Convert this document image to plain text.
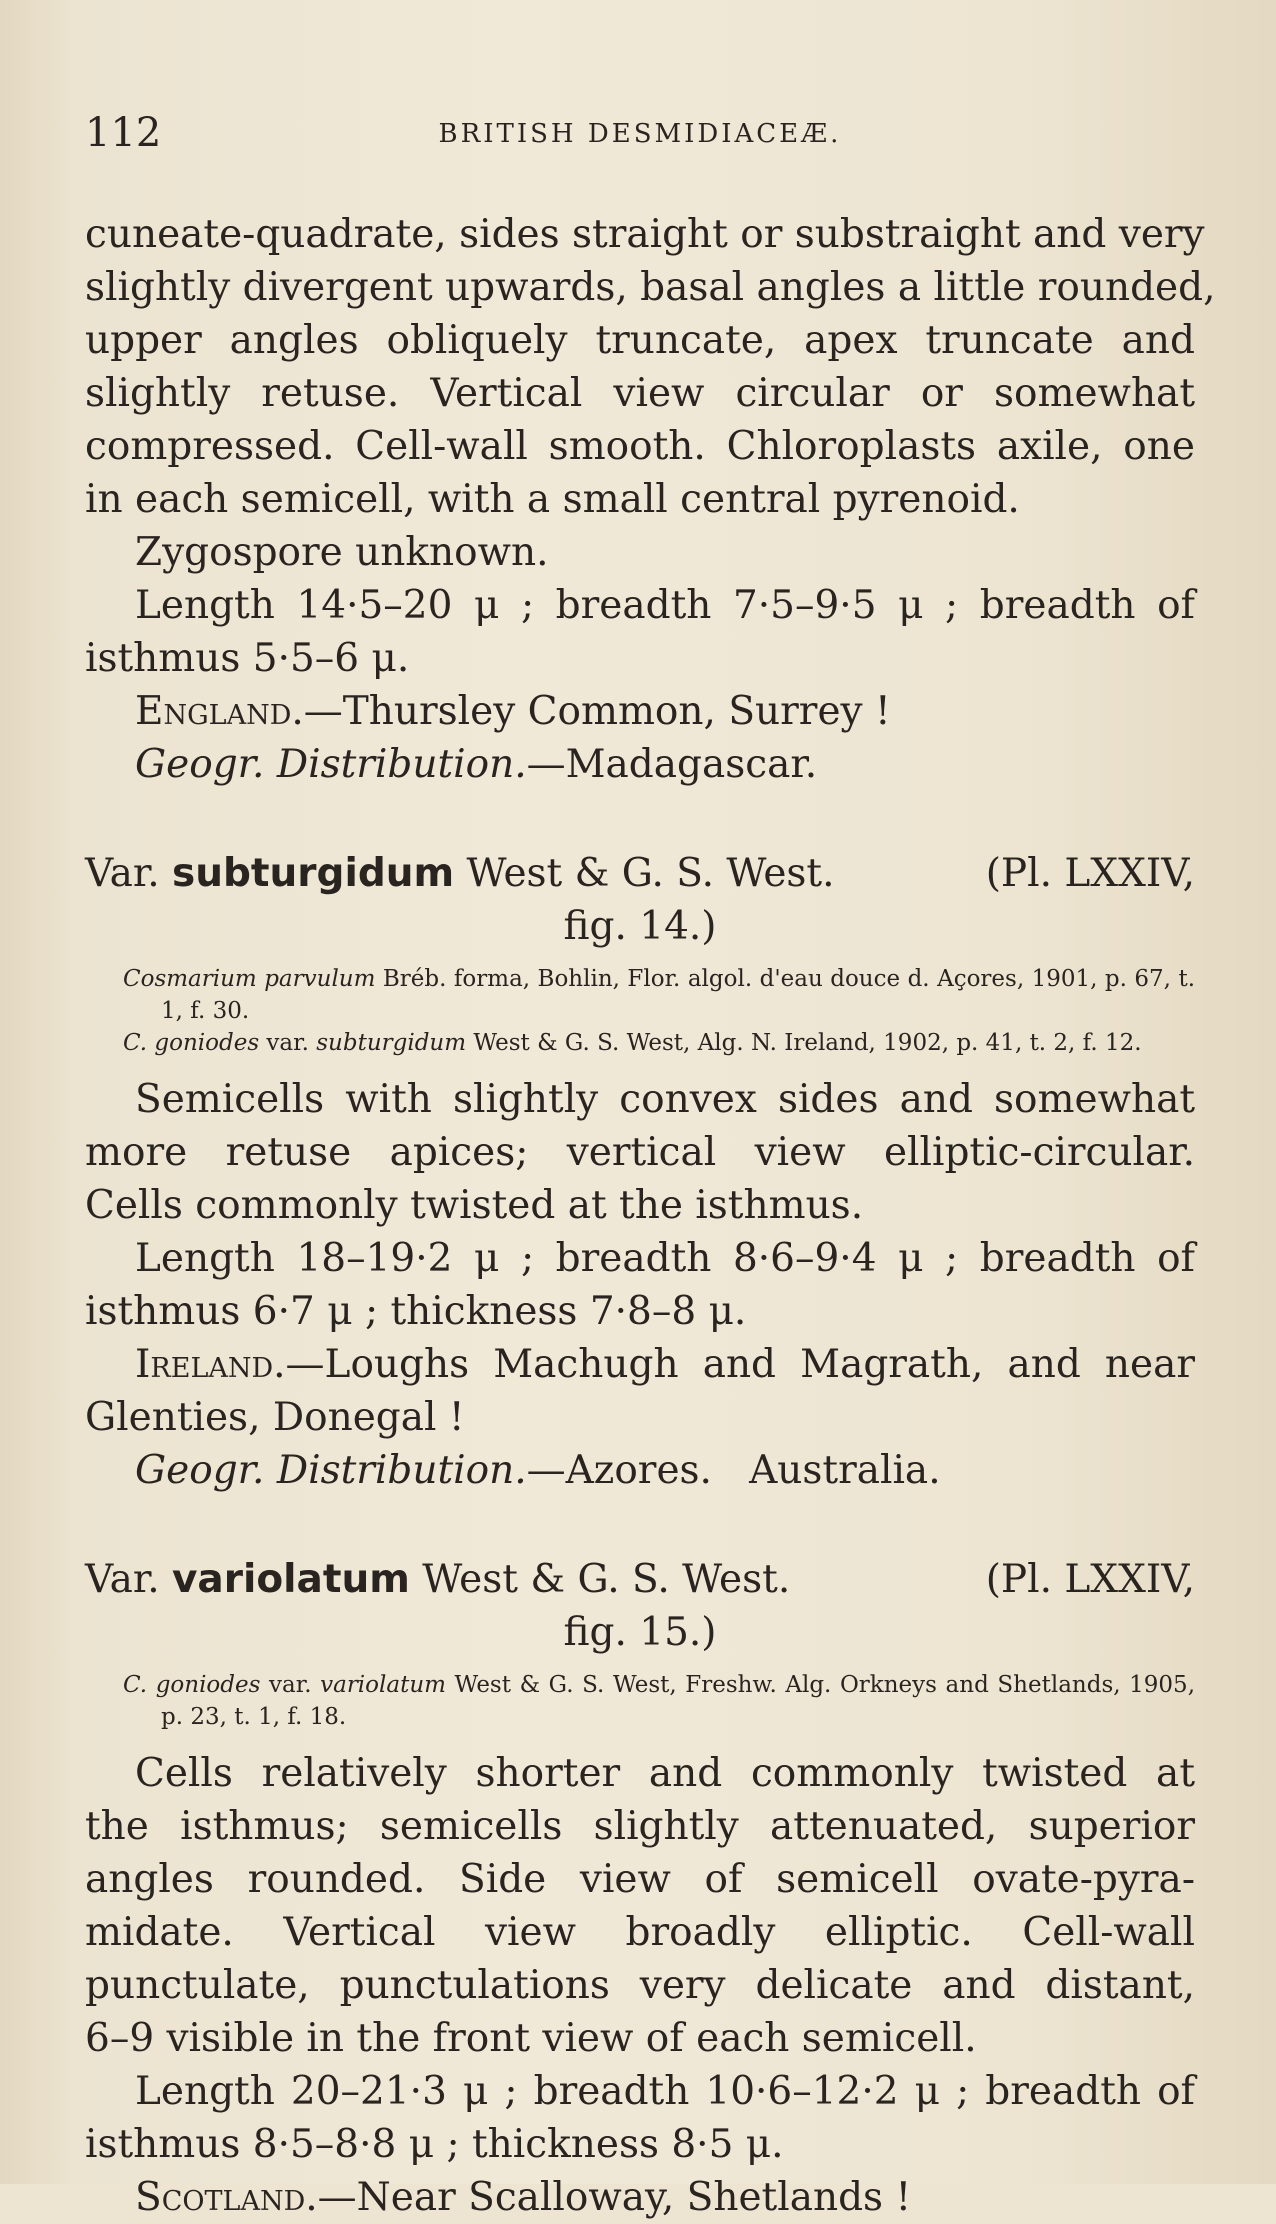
112	BRITISH DESMIDIACEÆ.
cuneate-quadrate, sides straight or substraight and very
slightly divergent upwards, basal angles a little rounded,
upper angles obliquely truncate, apex truncate and
slightly retuse. Vertical view circular or somewhat
compressed. Cell-wall smooth. Chloroplasts axile, one
in each semicell, with a small central pyrenoid.
Zygospore unknown.
Length 14·5–20 μ ; breadth 7·5–9·5 μ ; breadth of
isthmus 5·5–6 μ.
England.—Thursley Common, Surrey !
Geogr. Distribution.—Madagascar.
Var. subturgidum West & G. S. West.	(Pl. LXXIV,
fig. 14.)
Cosmarium parvulum Bréb. forma, Bohlin, Flor. algol. d'eau douce d. Açores, 1901, p. 67, t. 1, f. 30.
C. goniodes var. subturgidum West & G. S. West, Alg. N. Ireland, 1902, p. 41, t. 2, f. 12.
Semicells with slightly convex sides and somewhat
more retuse apices; vertical view elliptic-circular.
Cells commonly twisted at the isthmus.
Length 18–19·2 μ ; breadth 8·6–9·4 μ ; breadth of
isthmus 6·7 μ ; thickness 7·8–8 μ.
Ireland.—Loughs Machugh and Magrath, and near
Glenties, Donegal !
Geogr. Distribution.—Azores.   Australia.
Var. variolatum West & G. S. West.	(Pl. LXXIV,
fig. 15.)
C. goniodes var. variolatum West & G. S. West, Freshw. Alg. Orkneys and Shetlands, 1905, p. 23, t. 1, f. 18.
Cells relatively shorter and commonly twisted at
the isthmus; semicells slightly attenuated, superior
angles rounded. Side view of semicell ovate-pyra-
midate. Vertical view broadly elliptic. Cell-wall
punctulate, punctulations very delicate and distant,
6–9 visible in the front view of each semicell.
Length 20–21·3 μ ; breadth 10·6–12·2 μ ; breadth of
isthmus 8·5–8·8 μ ; thickness 8·5 μ.
Scotland.—Near Scalloway, Shetlands !
